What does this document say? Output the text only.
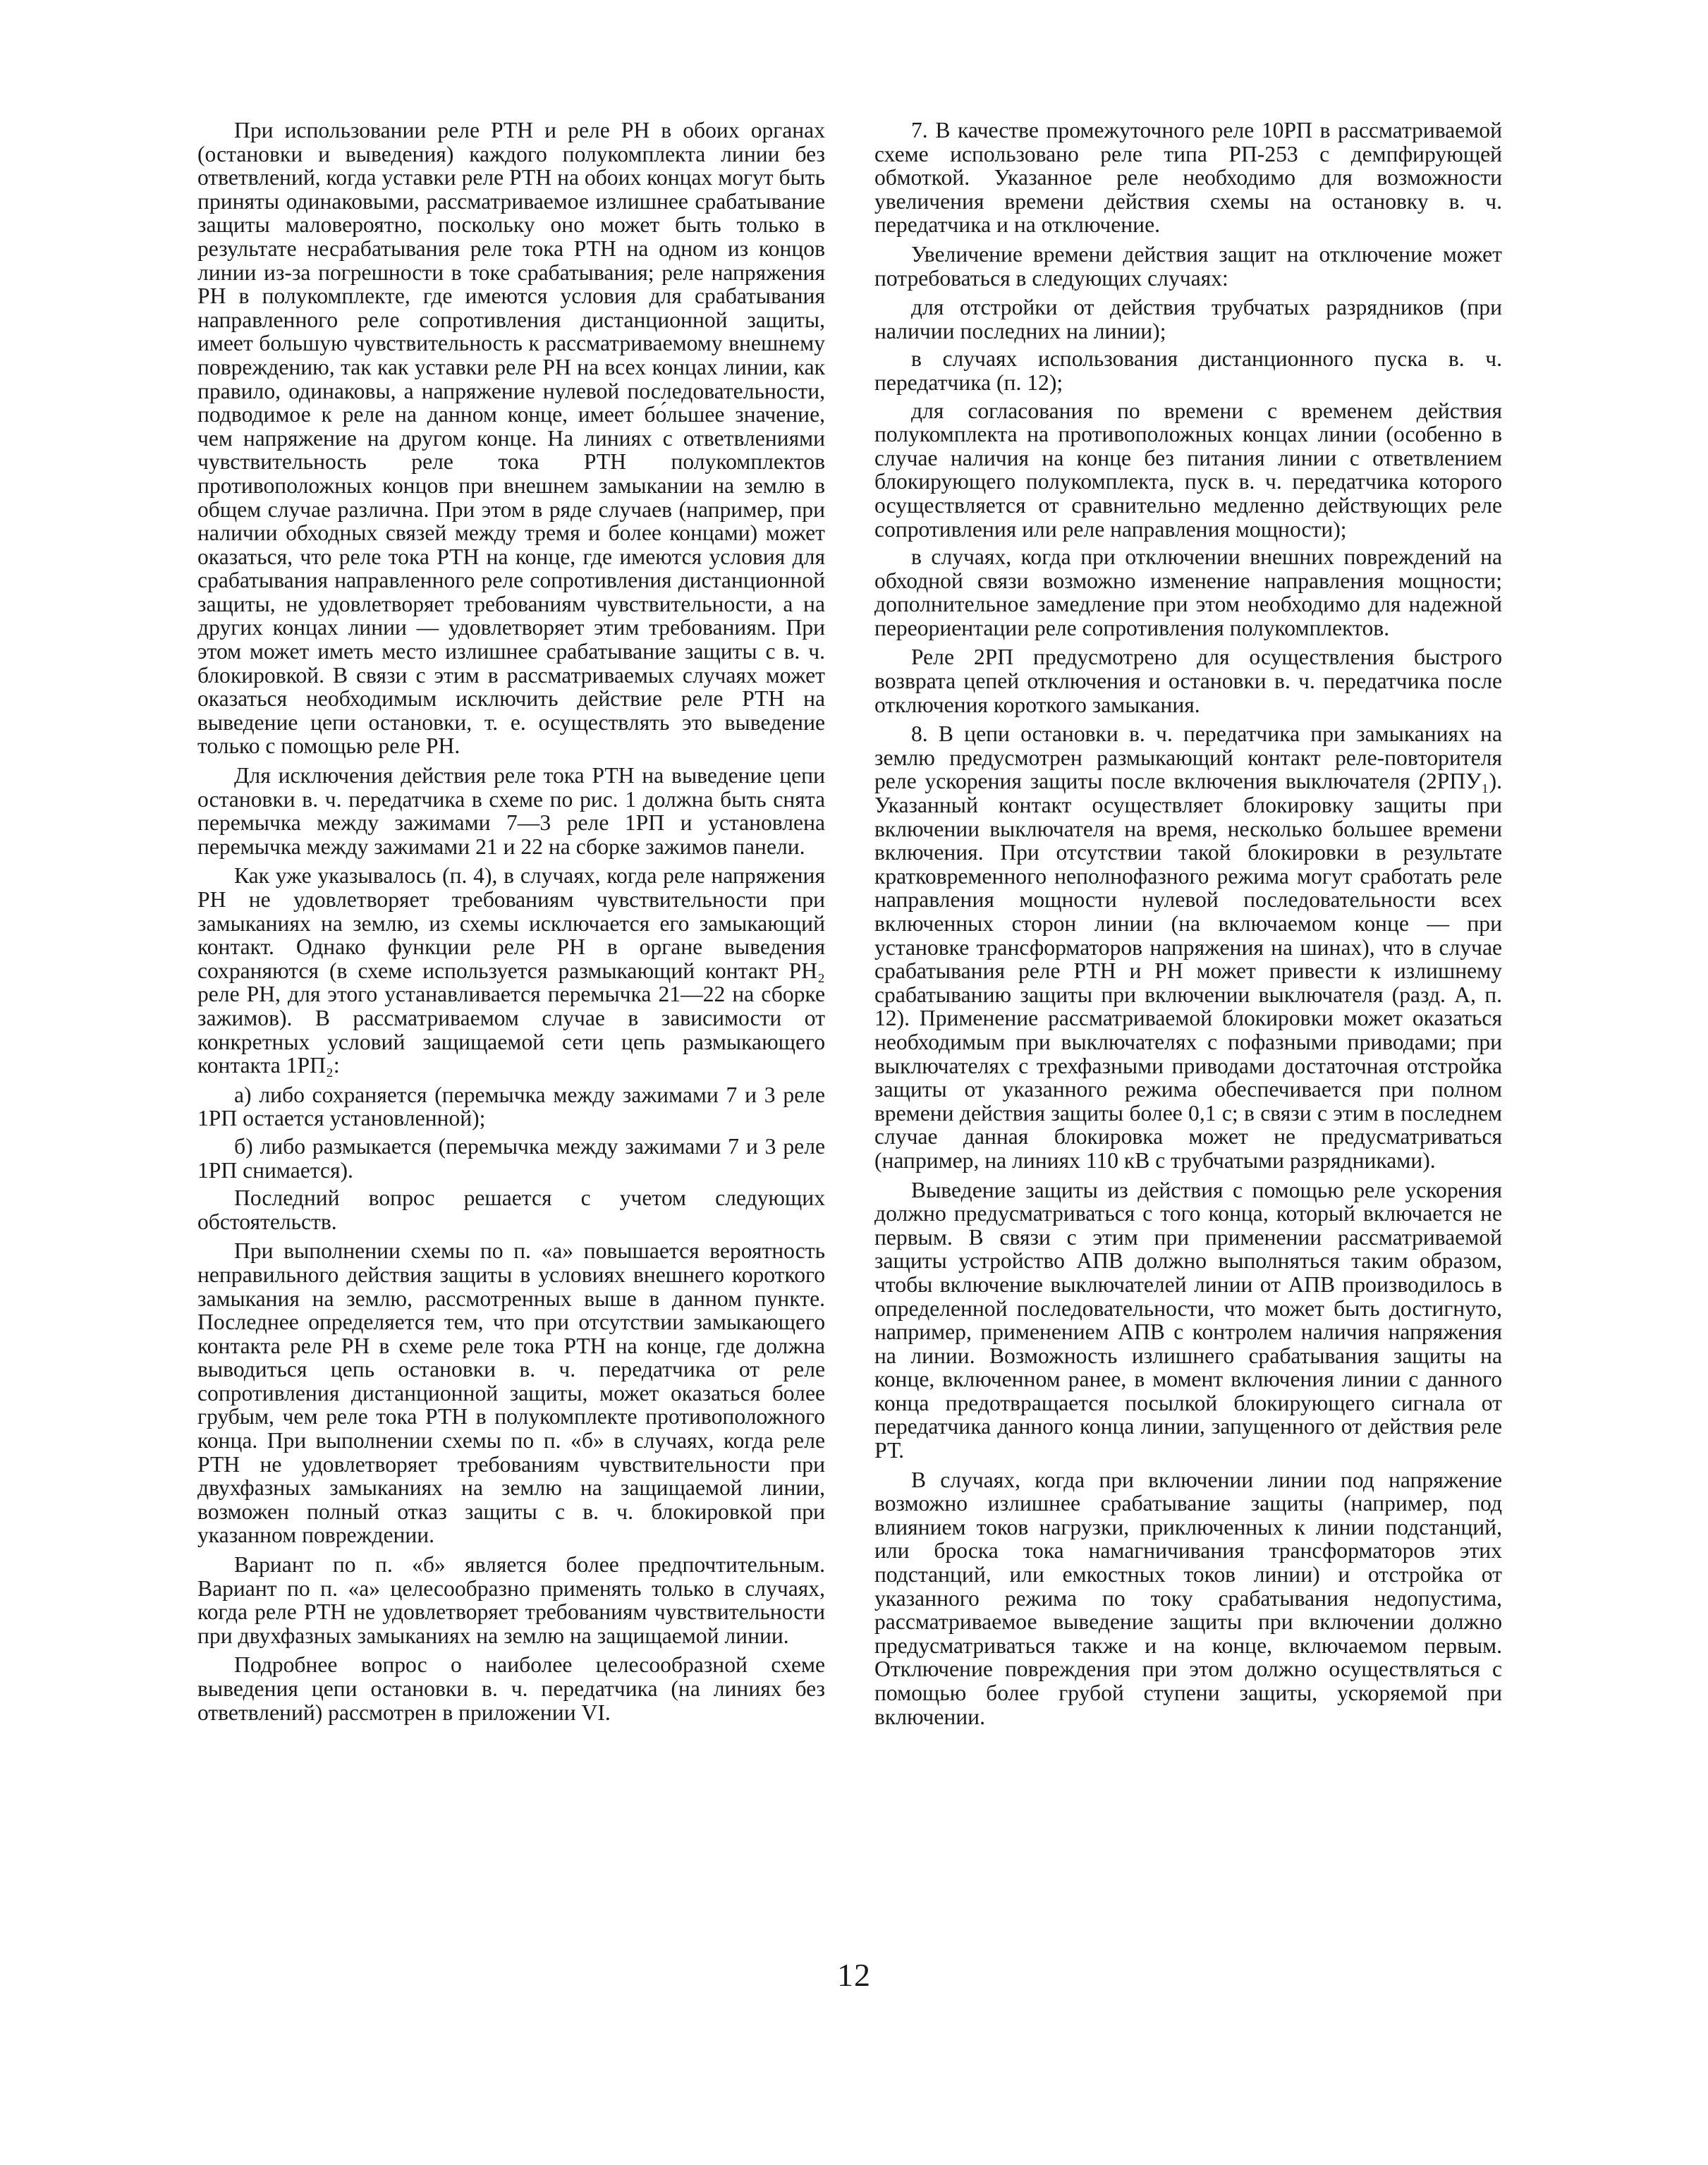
При использовании реле РТН и реле РН в обоих органах (остановки и выведения) каждого полукомплекта линии без ответвлений, когда уставки реле РТН на обоих концах могут быть приняты одинаковыми, рассматриваемое излишнее срабатывание защиты маловероятно, поскольку оно может быть только в результате несрабатывания реле тока РТН на одном из концов линии из-за погрешности в токе срабатывания; реле напряжения РН в полукомплекте, где имеются условия для срабатывания направленного реле сопротивления дистанционной защиты, имеет большую чувствительность к рассматриваемому внешнему повреждению, так как уставки реле РН на всех концах линии, как правило, одинаковы, а напряжение нулевой последовательности, подводимое к реле на данном конце, имеет бо́льшее значение, чем напряжение на другом конце. На линиях с ответвлениями чувствительность реле тока РТН полукомплектов противоположных концов при внешнем замыкании на землю в общем случае различна. При этом в ряде случаев (например, при наличии обходных связей между тремя и более концами) может оказаться, что реле тока РТН на конце, где имеются условия для срабатывания направленного реле сопротивления дистанционной защиты, не удовлетворяет требованиям чувствительности, а на других концах линии — удовлетворяет этим требованиям. При этом может иметь место излишнее срабатывание защиты с в. ч. блокировкой. В связи с этим в рассматриваемых случаях может оказаться необходимым исключить действие реле РТН на выведение цепи остановки, т. е. осуществлять это выведение только с помощью реле РН.

Для исключения действия реле тока РТН на выведение цепи остановки в. ч. передатчика в схеме по рис. 1 должна быть снята перемычка между зажимами 7—3 реле 1РП и установлена перемычка между зажимами 21 и 22 на сборке зажимов панели.

Как уже указывалось (п. 4), в случаях, когда реле напряжения РН не удовлетворяет требованиям чувствительности при замыканиях на землю, из схемы исключается его замыкающий контакт. Однако функции реле РН в органе выведения сохраняются (в схеме используется размыкающий контакт РН₂ реле РН, для этого устанавливается перемычка 21—22 на сборке зажимов). В рассматриваемом случае в зависимости от конкретных условий защищаемой сети цепь размыкающего контакта 1РП₂:

а) либо сохраняется (перемычка между зажимами 7 и 3 реле 1РП остается установленной);

б) либо размыкается (перемычка между зажимами 7 и 3 реле 1РП снимается).

Последний вопрос решается с учетом следующих обстоятельств.

При выполнении схемы по п. «а» повышается вероятность неправильного действия защиты в условиях внешнего короткого замыкания на землю, рассмотренных выше в данном пункте. Последнее определяется тем, что при отсутствии замыкающего контакта реле РН в схеме реле тока РТН на конце, где должна выводиться цепь остановки в. ч. передатчика от реле сопротивления дистанционной защиты, может оказаться более грубым, чем реле тока РТН в полукомплекте противоположного конца. При выполнении схемы по п. «б» в случаях, когда реле РТН не удовлетворяет требованиям чувствительности при двухфазных замыканиях на землю на защищаемой линии, возможен полный отказ защиты с в. ч. блокировкой при указанном повреждении.

Вариант по п. «б» является более предпочтительным. Вариант по п. «а» целесообразно применять только в случаях, когда реле РТН не удовлетворяет требованиям чувствительности при двухфазных замыканиях на землю на защищаемой линии.

Подробнее вопрос о наиболее целесообразной схеме выведения цепи остановки в. ч. передатчика (на линиях без ответвлений) рассмотрен в приложении VI.

7. В качестве промежуточного реле 10РП в рассматриваемой схеме использовано реле типа РП-253 с демпфирующей обмоткой. Указанное реле необходимо для возможности увеличения времени действия схемы на остановку в. ч. передатчика и на отключение.

Увеличение времени действия защит на отключение может потребоваться в следующих случаях:

для отстройки от действия трубчатых разрядников (при наличии последних на линии);

в случаях использования дистанционного пуска в. ч. передатчика (п. 12);

для согласования по времени с временем действия полукомплекта на противоположных концах линии (особенно в случае наличия на конце без питания линии с ответвлением блокирующего полукомплекта, пуск в. ч. передатчика которого осуществляется от сравнительно медленно действующих реле сопротивления или реле направления мощности);

в случаях, когда при отключении внешних повреждений на обходной связи возможно изменение направления мощности; дополнительное замедление при этом необходимо для надежной переориентации реле сопротивления полукомплектов.

Реле 2РП предусмотрено для осуществления быстрого возврата цепей отключения и остановки в. ч. передатчика после отключения короткого замыкания.

8. В цепи остановки в. ч. передатчика при замыканиях на землю предусмотрен размыкающий контакт реле-повторителя реле ускорения защиты после включения выключателя (2РПУ₁). Указанный контакт осуществляет блокировку защиты при включении выключателя на время, несколько большее времени включения. При отсутствии такой блокировки в результате кратковременного неполнофазного режима могут сработать реле направления мощности нулевой последовательности всех включенных сторон линии (на включаемом конце — при установке трансформаторов напряжения на шинах), что в случае срабатывания реле РТН и РН может привести к излишнему срабатыванию защиты при включении выключателя (разд. А, п. 12). Применение рассматриваемой блокировки может оказаться необходимым при выключателях с пофазными приводами; при выключателях с трехфазными приводами достаточная отстройка защиты от указанного режима обеспечивается при полном времени действия защиты более 0,1 с; в связи с этим в последнем случае данная блокировка может не предусматриваться (например, на линиях 110 кВ с трубчатыми разрядниками).

Выведение защиты из действия с помощью реле ускорения должно предусматриваться с того конца, который включается не первым. В связи с этим при применении рассматриваемой защиты устройство АПВ должно выполняться таким образом, чтобы включение выключателей линии от АПВ производилось в определенной последовательности, что может быть достигнуто, например, применением АПВ с контролем наличия напряжения на линии. Возможность излишнего срабатывания защиты на конце, включенном ранее, в момент включения линии с данного конца предотвращается посылкой блокирующего сигнала от передатчика данного конца линии, запущенного от действия реле РТ.

В случаях, когда при включении линии под напряжение возможно излишнее срабатывание защиты (например, под влиянием токов нагрузки, приключенных к линии подстанций, или броска тока намагничивания трансформаторов этих подстанций, или емкостных токов линии) и отстройка от указанного режима по току срабатывания недопустима, рассматриваемое выведение защиты при включении должно предусматриваться также и на конце, включаемом первым. Отключение повреждения при этом должно осуществляться с помощью более грубой ступени защиты, ускоряемой при включении.

12
